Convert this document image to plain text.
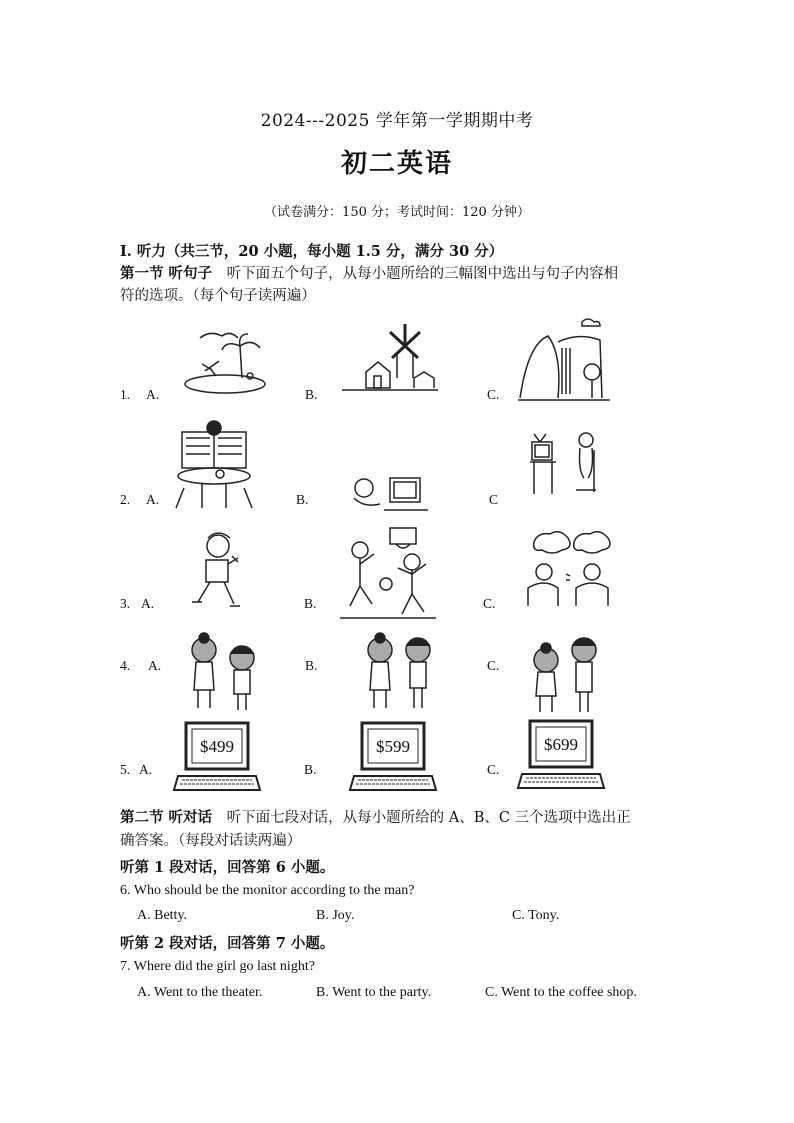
2024---2025 学年第一学期期中考
初二英语
（试卷满分：150 分；考试时间：120 分钟）
I. 听力（共三节，20 小题，每小题 1.5 分，满分 30 分）
第一节 听句子 听下面五个句子，从每小题所给的三幅图中选出与句子内容相
符的选项。（每个句子读两遍）
1. A.	B.	C.
2. A.	B.	C
3. A.	B.	C.
4. A.	B.	C.
5. A.	B.	C.
$499	$599	$699
第二节 听对话 听下面七段对话，从每小题所给的 A、B、C 三个选项中选出正
确答案。（每段对话读两遍）
听第 1 段对话，回答第 6 小题。
6. Who should be the monitor according to the man?
A. Betty.	B. Joy.	C. Tony.
听第 2 段对话，回答第 7 小题。
7. Where did the girl go last night?
A. Went to the theater.	B. Went to the party.	C. Went to the coffee shop.
